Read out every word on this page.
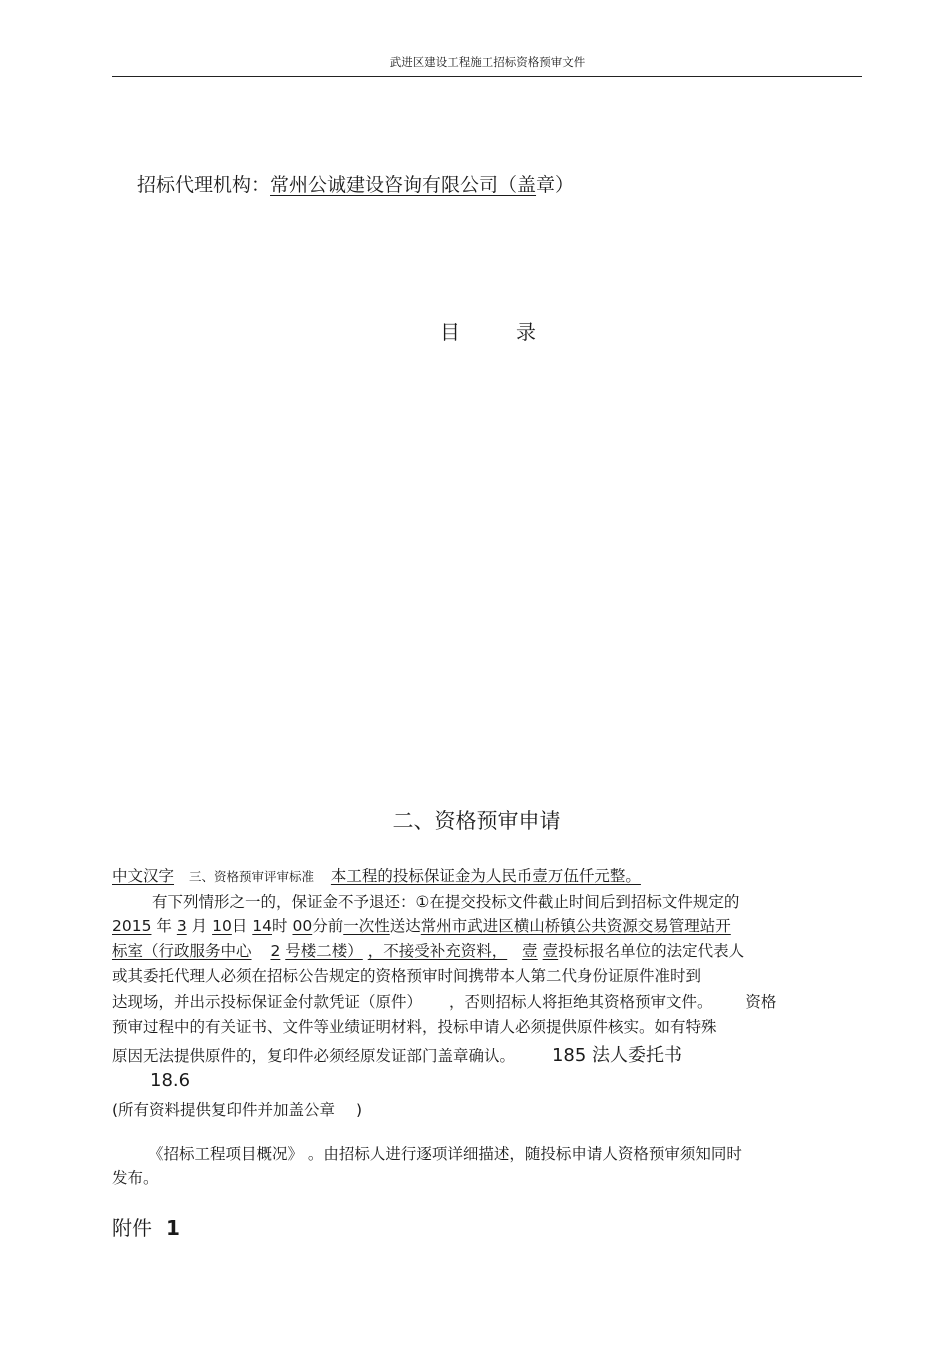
武进区建设工程施工招标资格预审文件
招标代理机构：常州公诚建设咨询有限公司（盖章）
目录
二、资格预审申请
中文汉字 三、资格预审评审标准 本工程的投标保证金为人民币壹万伍仟元整。
有下列情形之一的，保证金不予退还：①在提交投标文件截止时间后到招标文件规定的
2015 年 3 月 10日 14时 00分前一次性送达常州市武进区横山桥镇公共资源交易管理站开
标室（行政服务中心 2 号楼二楼） ，不接受补充资料， 壹 壹投标报名单位的法定代表人
或其委托代理人必须在招标公告规定的资格预审时间携带本人第二代身份证原件准时到
达现场，并出示投标保证金付款凭证（原件） ，否则招标人将拒绝其资格预审文件。 资格
预审过程中的有关证书、文件等业绩证明材料，投标申请人必须提供原件核实。如有特殊
原因无法提供原件的，复印件必须经原发证部门盖章确认。 185 法人委托书
18.6
(所有资料提供复印件并加盖公章 )
《招标工程项目概况》 。由招标人进行逐项详细描述，随投标申请人资格预审须知同时
发布。
附件 1
